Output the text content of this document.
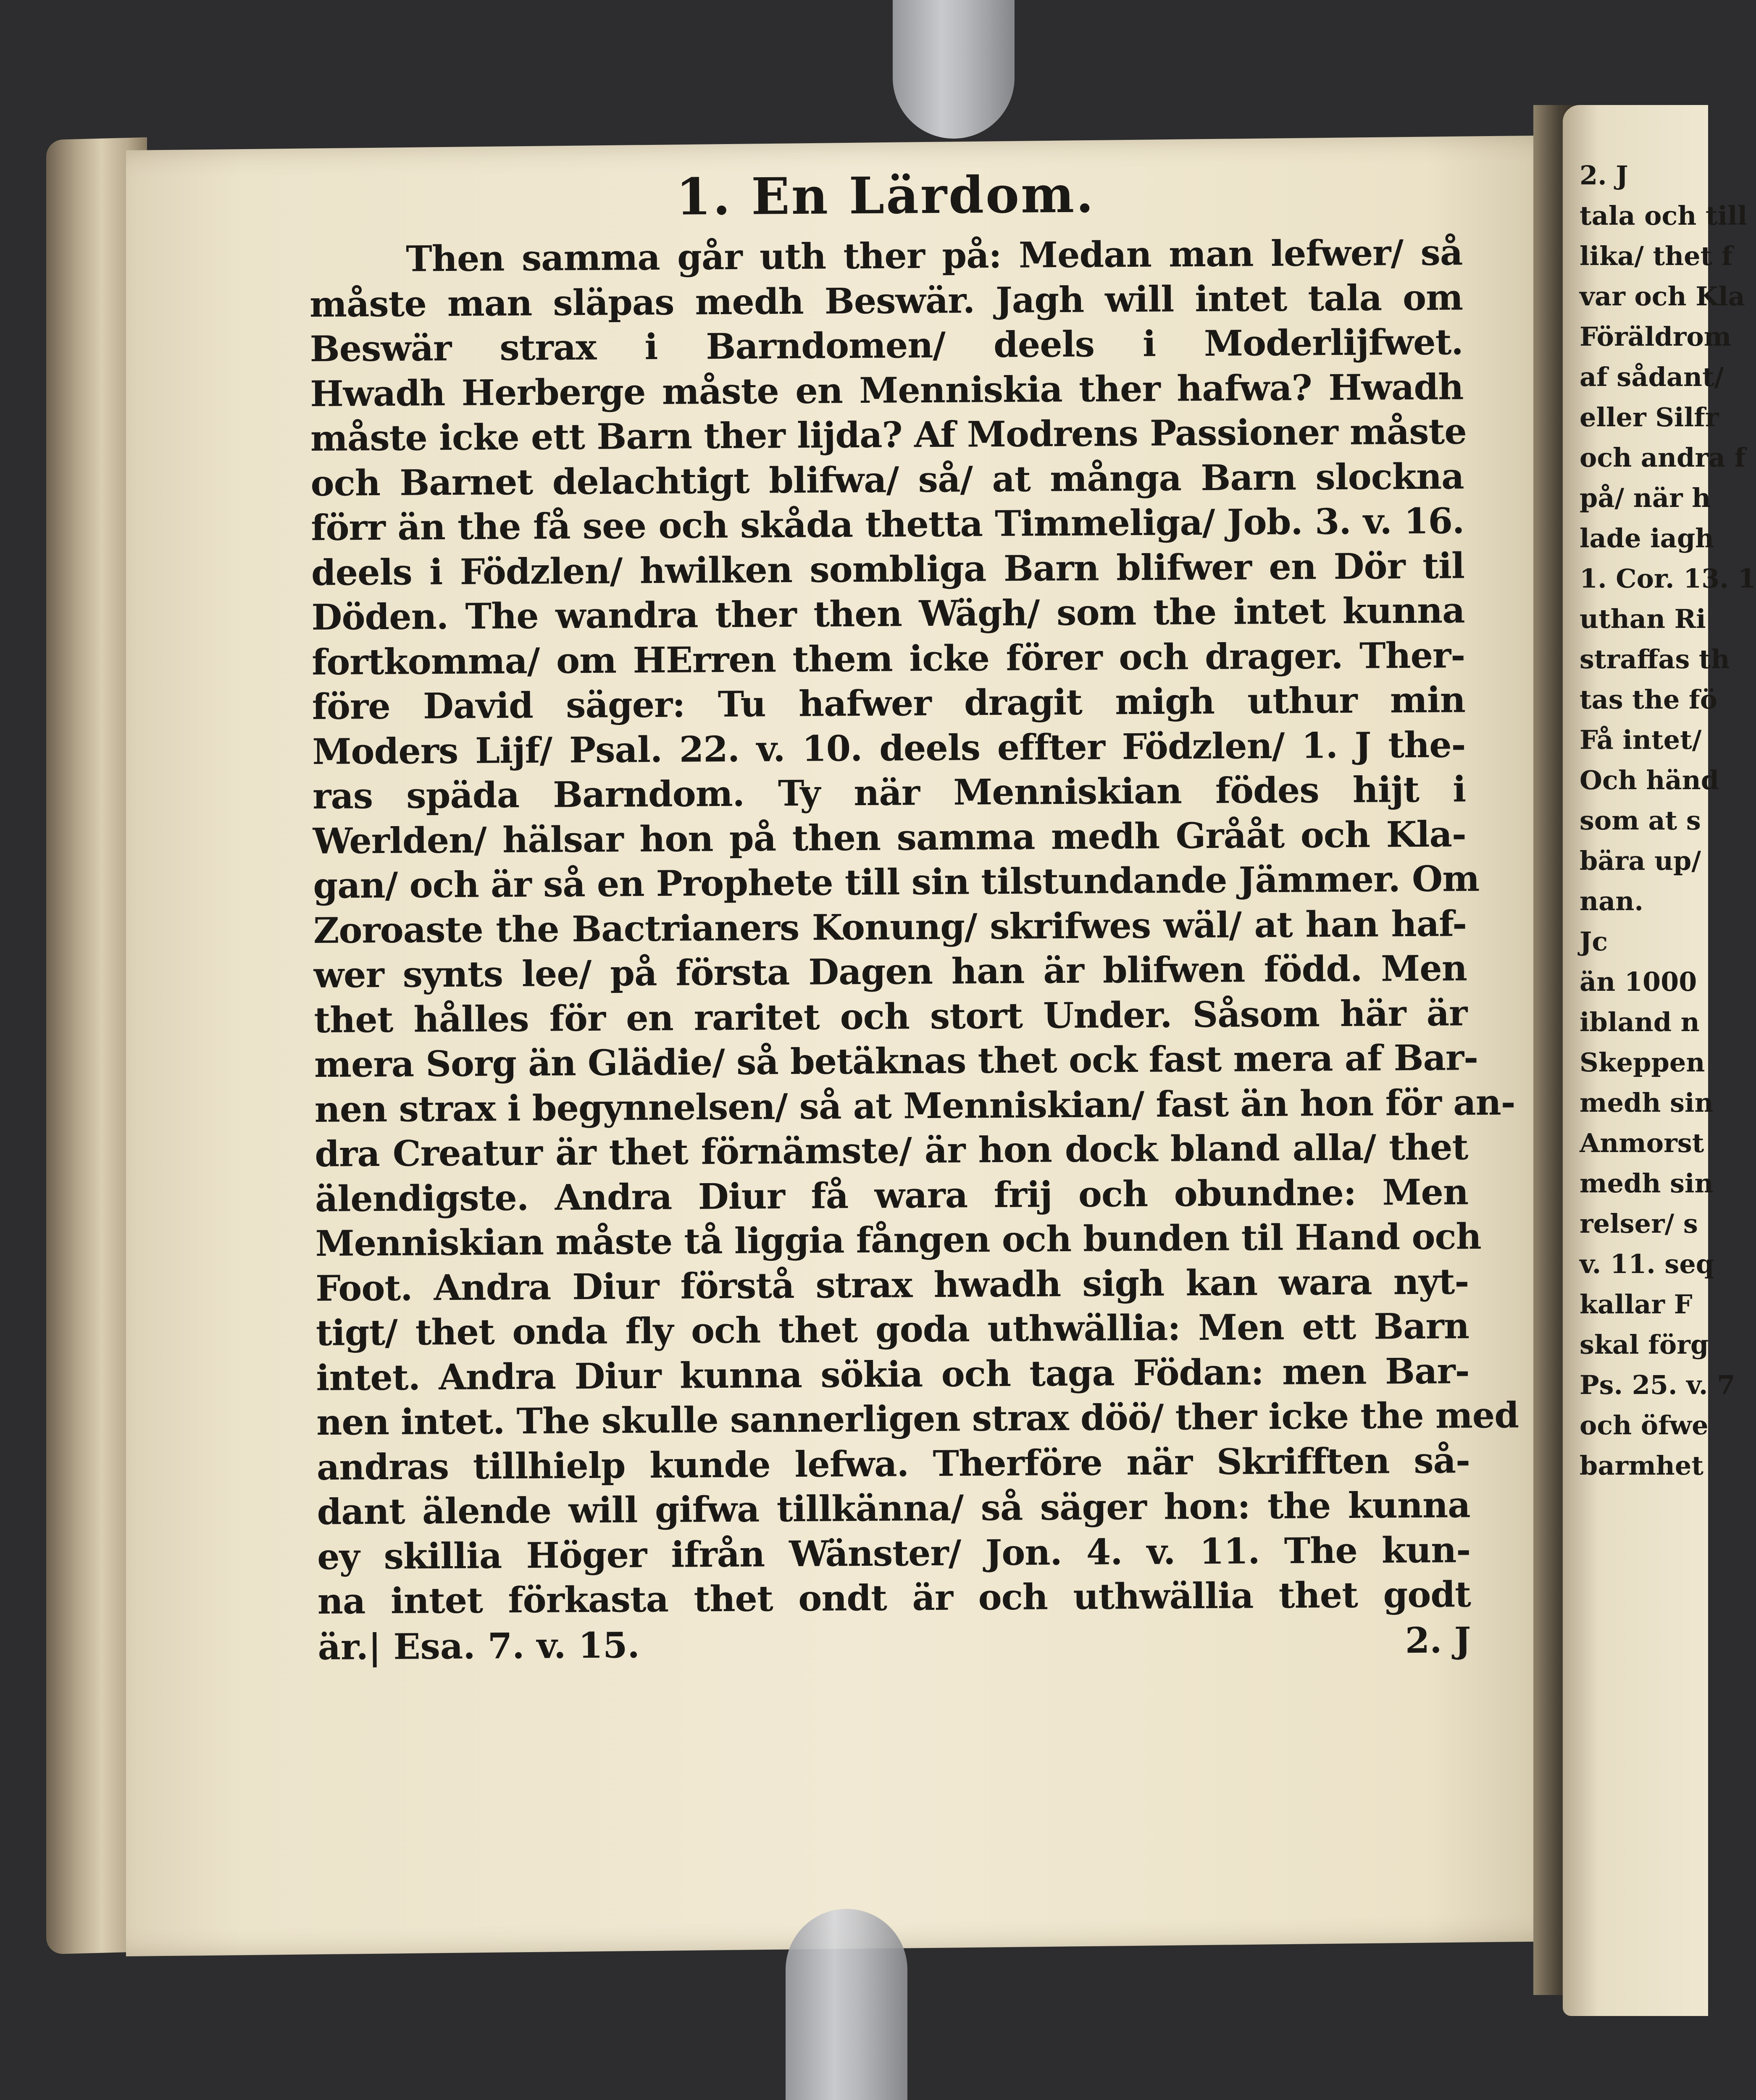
2. J
tala och till
lika/ thet f
var och Kla
Föräldrom
af sådant/
eller Silfr
och andra f
på/ när h
lade iagh
1. Cor. 13. 1
uthan Ri
straffas th
tas the fö
Få intet/
Och händ
som at s
bära up/
nan.
Jc
än 1000
ibland n
Skeppen
medh sin
Anmorst
medh sin
relser/ s
v. 11. seq
kallar F
skal förg
Ps. 25. v. 7
och öfwe
barmhet
1. En Lärdom.
Then samma går uth ther på: Medan man lefwer/ så
måste man släpas medh Beswär. Jagh will intet tala om
Beswär strax i Barndomen/ deels i Moderlijfwet.
Hwadh Herberge måste en Menniskia ther hafwa? Hwadh
måste icke ett Barn ther lijda? Af Modrens Passioner måste
och Barnet delachtigt blifwa/ så/ at många Barn slockna
förr än the få see och skåda thetta Timmeliga/ Job. 3. v. 16.
deels i Födzlen/ hwilken sombliga Barn blifwer en Dör til
Döden. The wandra ther then Wägh/ som the intet kunna
fortkomma/ om HErren them icke förer och drager. Ther-
före David säger: Tu hafwer dragit migh uthur min
Moders Lijf/ Psal. 22. v. 10. deels effter Födzlen/ 1. J the-
ras späda Barndom. Ty när Menniskian födes hijt i
Werlden/ hälsar hon på then samma medh Grååt och Kla-
gan/ och är så en Prophete till sin tilstundande Jämmer. Om
Zoroaste the Bactrianers Konung/ skrifwes wäl/ at han haf-
wer synts lee/ på första Dagen han är blifwen född. Men
thet hålles för en raritet och stort Under. Såsom här är
mera Sorg än Glädie/ så betäknas thet ock fast mera af Bar-
nen strax i begynnelsen/ så at Menniskian/ fast än hon för an-
dra Creatur är thet förnämste/ är hon dock bland alla/ thet
älendigste. Andra Diur få wara frij och obundne: Men
Menniskian måste tå liggia fången och bunden til Hand och
Foot. Andra Diur förstå strax hwadh sigh kan wara nyt-
tigt/ thet onda fly och thet goda uthwällia: Men ett Barn
intet. Andra Diur kunna sökia och taga Födan: men Bar-
nen intet. The skulle sannerligen strax döö/ ther icke the med
andras tillhielp kunde lefwa. Therföre när Skrifften så-
dant älende will gifwa tillkänna/ så säger hon: the kunna
ey skillia Höger ifrån Wänster/ Jon. 4. v. 11. The kun-
na intet förkasta thet ondt är och uthwällia thet godt
är.| Esa. 7. v. 15.	2. J
